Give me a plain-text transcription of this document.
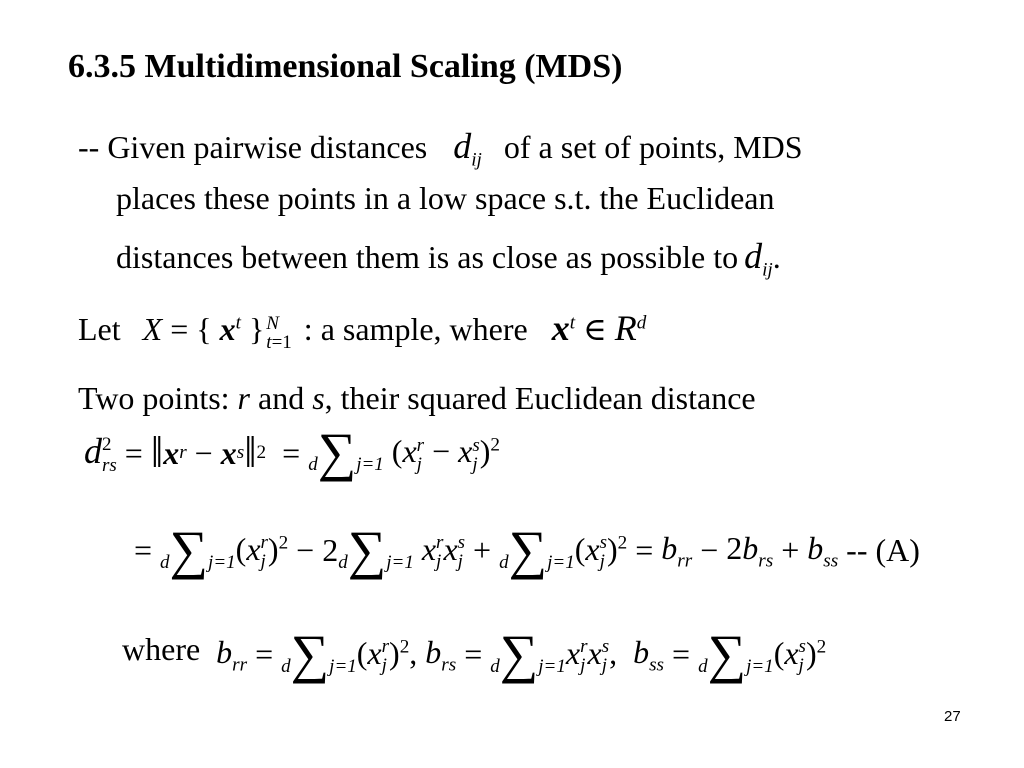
6.3.5 Multidimensional Scaling (MDS)
-- Given pairwise distances $d_{ij}$ of a set of points, MDS
places these points in a low space s.t. the Euclidean
distances between them is as close as possible to $d_{ij}$.
Let X = { $x^t$ } N
t=1 : a sample, where $x^t$ ∈ $R^d$
Two points: r and s, their squared Euclidean distance
d 2
rs = ‖ x r − x s ‖ 2 = d∑j=1 (x r
j − x s
j )$^2$
= d∑j=1 (x r
j )$^2$ − 2 d∑j=1 x r
j x s
j + d∑j=1 (x s
j )$^2 = b_{rr} - 2b_{rs} + b_{ss} -- (A)$
where $b_{rr} = d\sum j=1$ (x r
j )$^2$, $b_{rs} = d\sum j=1$ x r
j x s
j , $b_{ss} = d\sum j=1$ (x s
j )$^2$
27
